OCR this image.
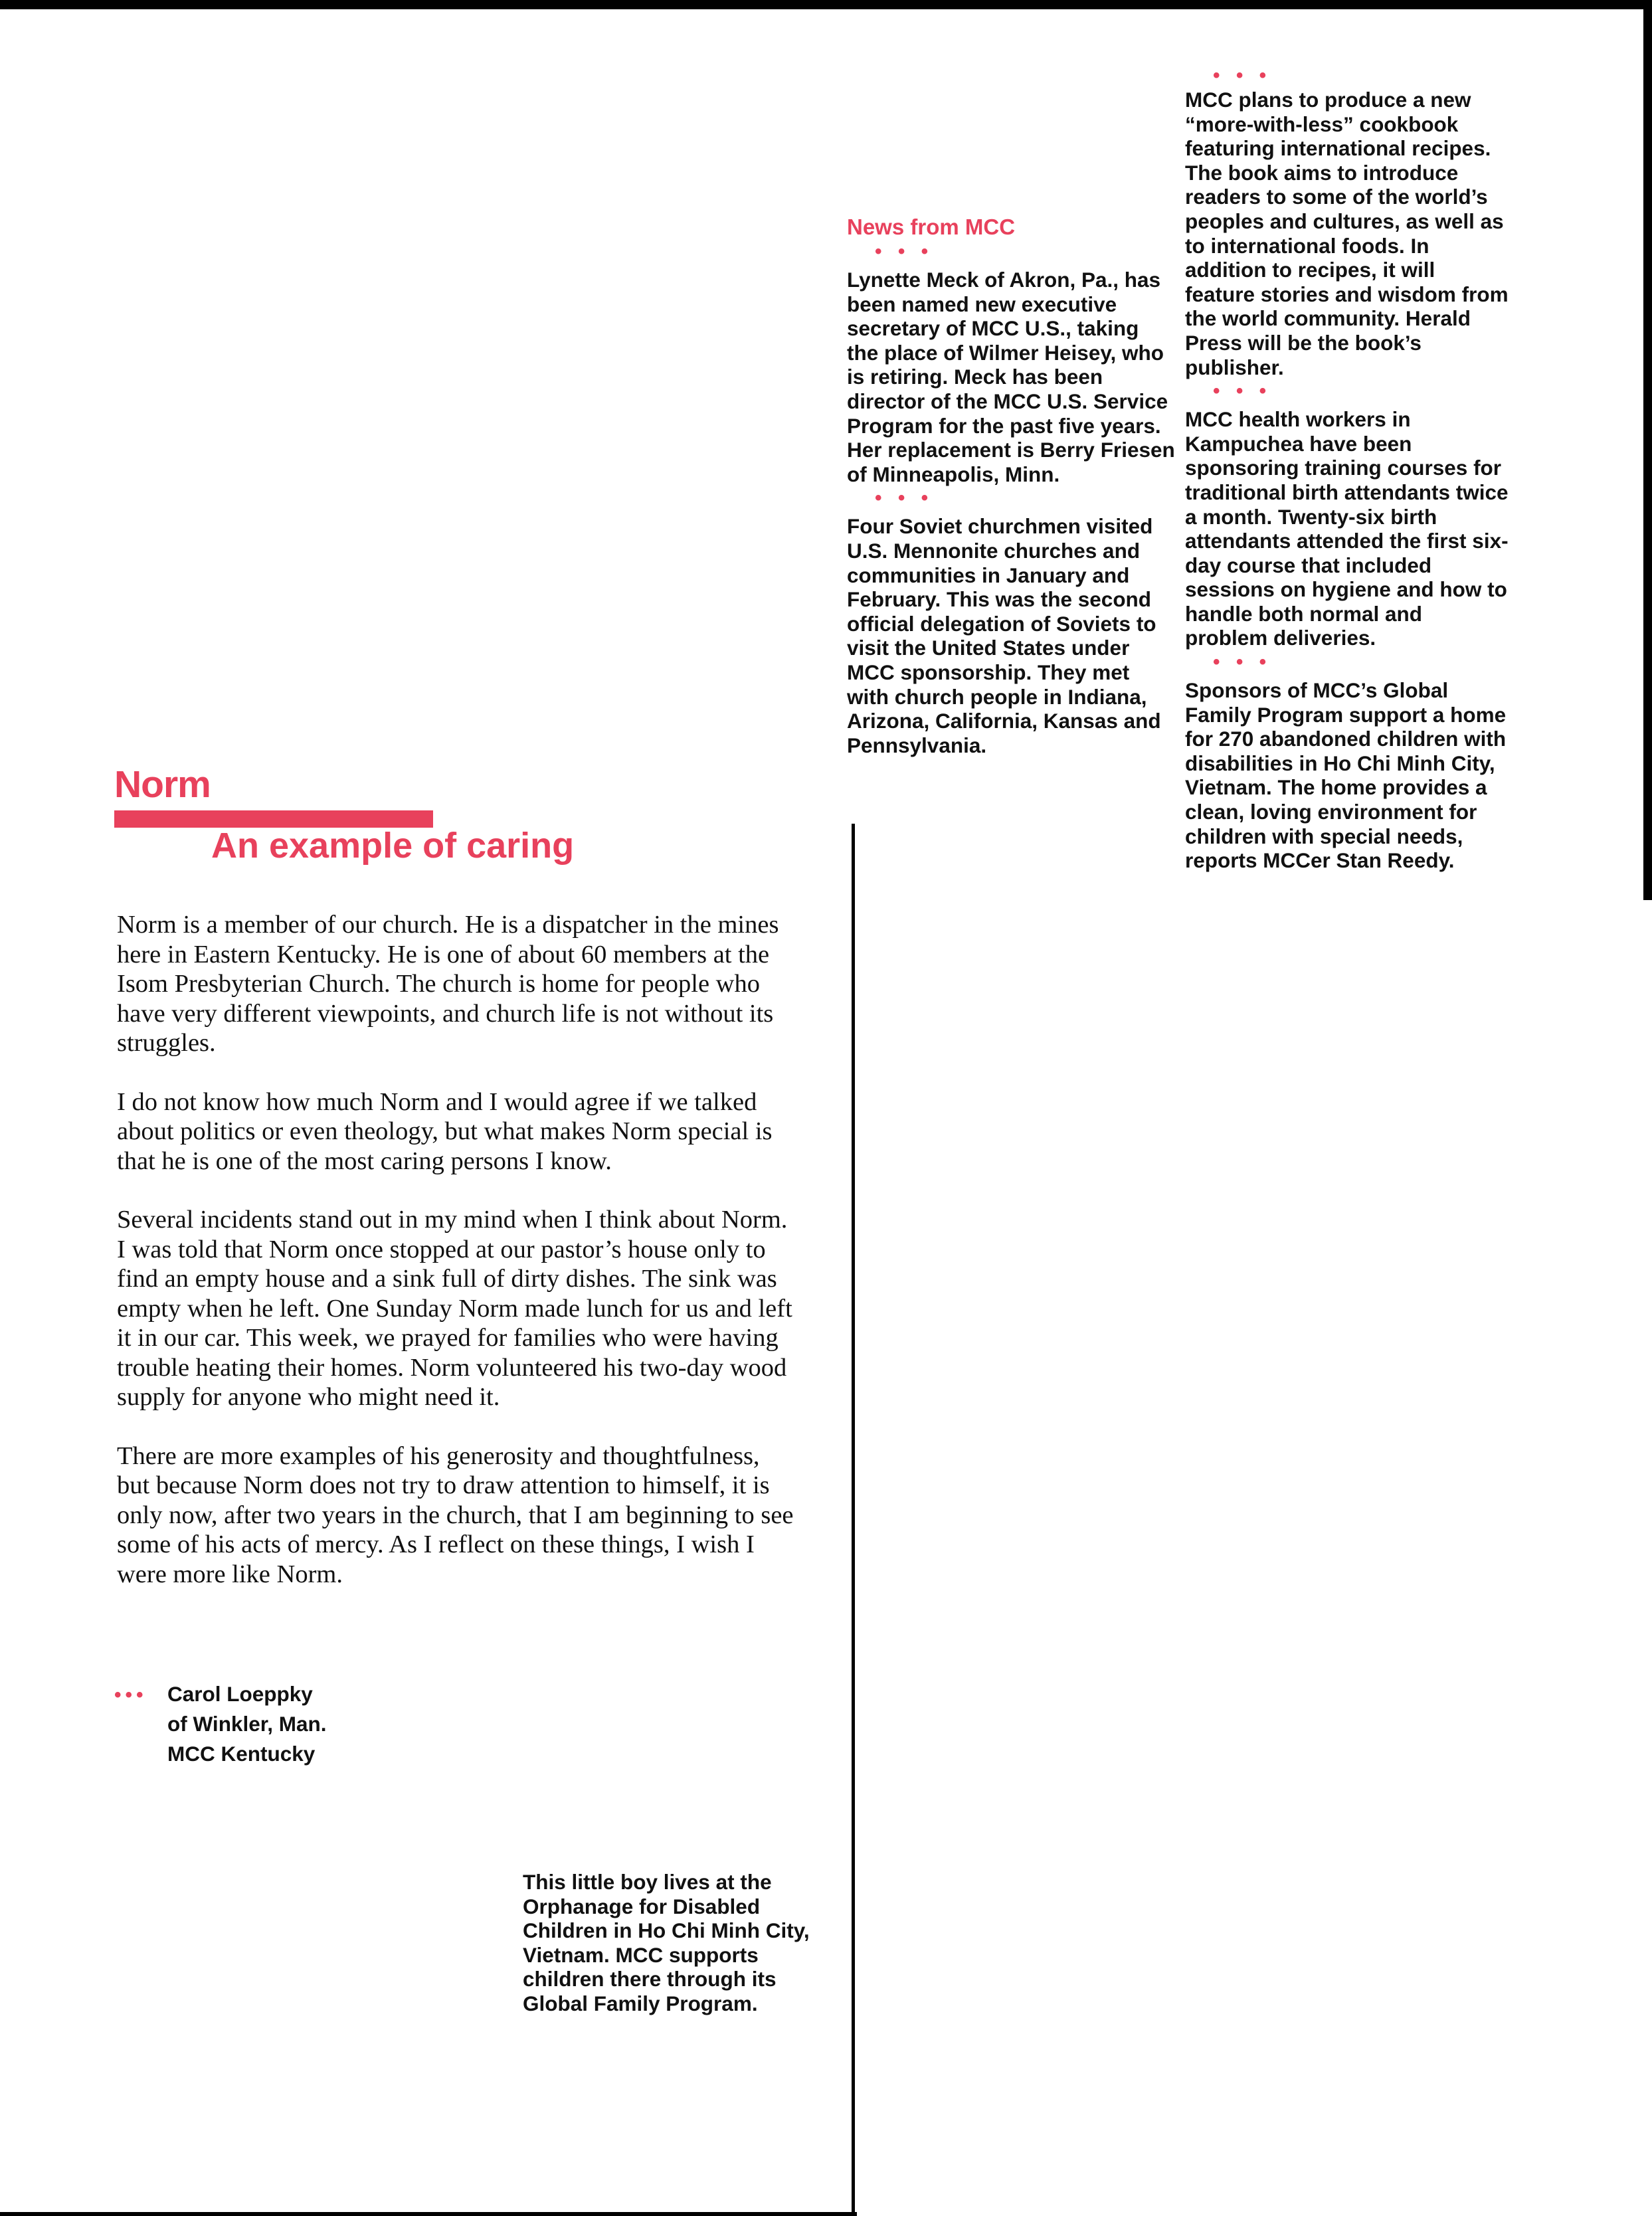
News from MCC
• • •

Lynette Meck of Akron, Pa., has been named new executive secretary of MCC U.S., taking the place of Wilmer Heisey, who is retiring. Meck has been director of the MCC U.S. Service Program for the past five years. Her replacement is Berry Friesen of Minneapolis, Minn.

• • •

Four Soviet churchmen visited U.S. Mennonite churches and communities in January and February. This was the second official delegation of Soviets to visit the United States under MCC sponsorship. They met with church people in Indiana, Arizona, California, Kansas and Pennsylvania.

• • •

MCC plans to produce a new “more-with-less” cookbook featuring international recipes. The book aims to introduce readers to some of the world’s peoples and cultures, as well as to international foods. In addition to recipes, it will feature stories and wisdom from the world community. Herald Press will be the book’s publisher.

• • •

MCC health workers in Kampuchea have been sponsoring training courses for traditional birth attendants twice a month. Twenty-six birth attendants attended the first six-day course that included sessions on hygiene and how to handle both normal and problem deliveries.

• • •

Sponsors of MCC’s Global Family Program support a home for 270 abandoned children with disabilities in Ho Chi Minh City, Vietnam. The home provides a clean, loving environment for children with special needs, reports MCCer Stan Reedy.

Norm
An example of caring

Norm is a member of our church. He is a dispatcher in the mines here in Eastern Kentucky. He is one of about 60 members at the Isom Presbyterian Church. The church is home for people who have very different viewpoints, and church life is not without its struggles.

I do not know how much Norm and I would agree if we talked about politics or even theology, but what makes Norm special is that he is one of the most caring persons I know.

Several incidents stand out in my mind when I think about Norm. I was told that Norm once stopped at our pastor’s house only to find an empty house and a sink full of dirty dishes. The sink was empty when he left. One Sunday Norm made lunch for us and left it in our car. This week, we prayed for families who were having trouble heating their homes. Norm volunteered his two-day wood supply for anyone who might need it.

There are more examples of his generosity and thoughtfulness, but because Norm does not try to draw attention to himself, it is only now, after two years in the church, that I am beginning to see some of his acts of mercy. As I reflect on these things, I wish I were more like Norm.

••• Carol Loeppky
of Winkler, Man.
MCC Kentucky

This little boy lives at the Orphanage for Disabled Children in Ho Chi Minh City, Vietnam. MCC supports children there through its Global Family Program.
